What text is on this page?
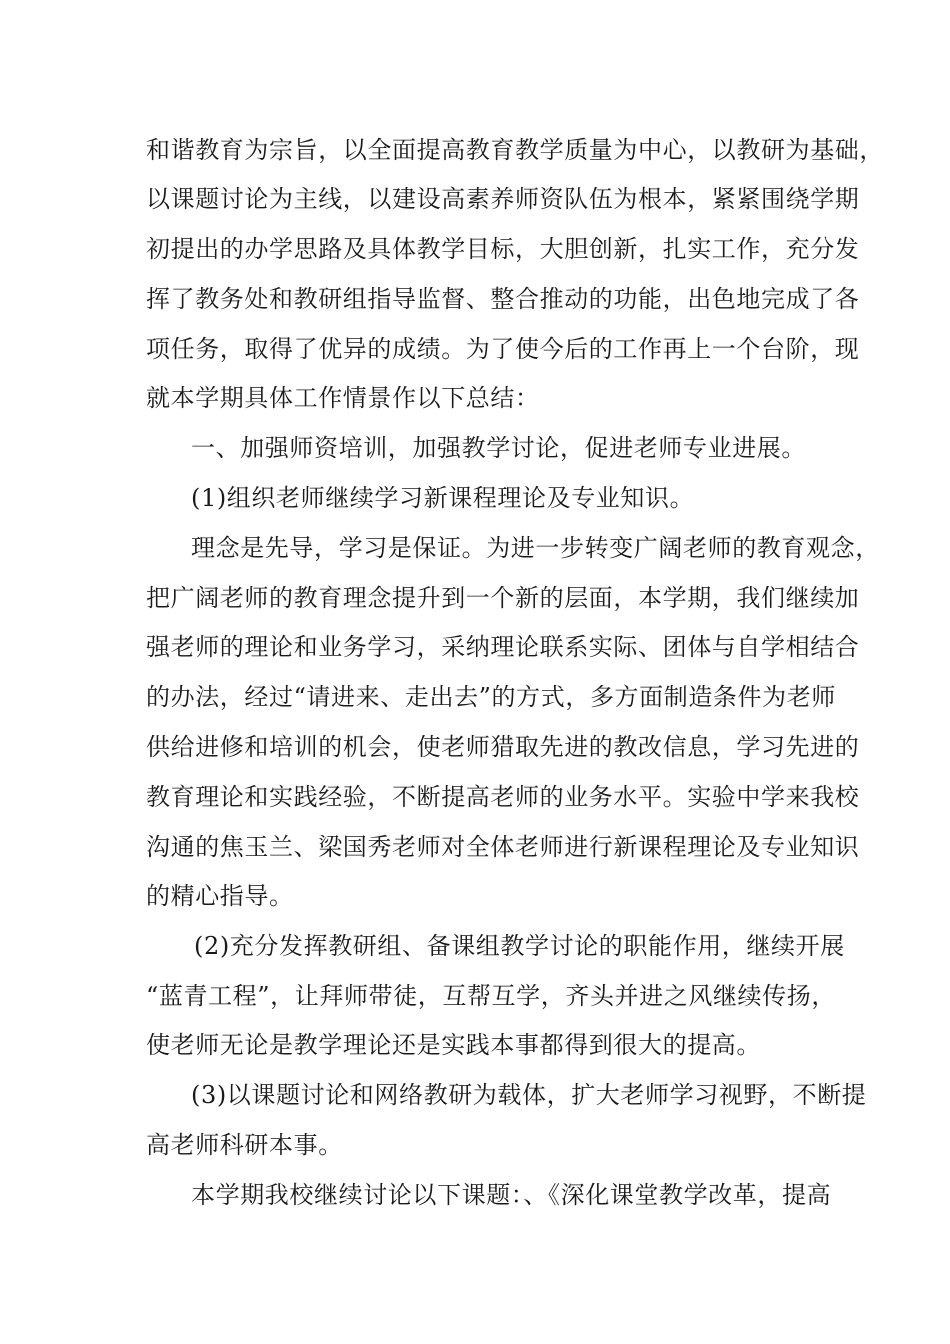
和谐教育为宗旨，以全面提高教育教学质量为中心，以教研为基础，
以课题讨论为主线，以建设高素养师资队伍为根本，紧紧围绕学期
初提出的办学思路及具体教学目标，大胆创新，扎实工作，充分发
挥了教务处和教研组指导监督、整合推动的功能，出色地完成了各
项任务，取得了优异的成绩。为了使今后的工作再上一个台阶，现
就本学期具体工作情景作以下总结：
一、加强师资培训，加强教学讨论，促进老师专业进展。
(1)组织老师继续学习新课程理论及专业知识。
理念是先导，学习是保证。为进一步转变广阔老师的教育观念，
把广阔老师的教育理念提升到一个新的层面，本学期，我们继续加
强老师的理论和业务学习，采纳理论联系实际、团体与自学相结合
的办法，经过“请进来、走出去”的方式，多方面制造条件为老师
供给进修和培训的机会，使老师猎取先进的教改信息，学习先进的
教育理论和实践经验，不断提高老师的业务水平。实验中学来我校
沟通的焦玉兰、梁国秀老师对全体老师进行新课程理论及专业知识
的精心指导。
(2)充分发挥教研组、备课组教学讨论的职能作用，继续开展
“蓝青工程”，让拜师带徒，互帮互学，齐头并进之风继续传扬，
使老师无论是教学理论还是实践本事都得到很大的提高。
(3)以课题讨论和网络教研为载体，扩大老师学习视野，不断提
高老师科研本事。
本学期我校继续讨论以下课题：、《深化课堂教学改革，提高
